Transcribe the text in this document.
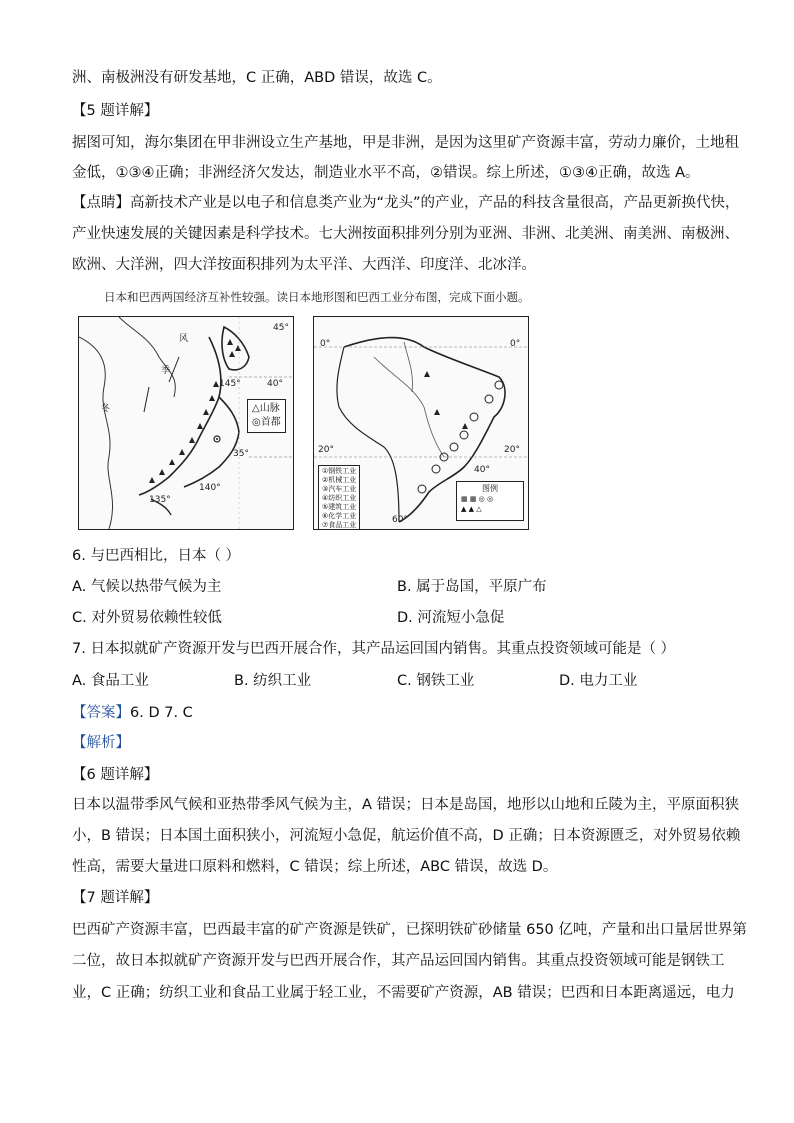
洲、南极洲没有研发基地，C 正确，ABD 错误，故选 C。
【5 题详解】
据图可知，海尔集团在甲非洲设立生产基地，甲是非洲，是因为这里矿产资源丰富，劳动力廉价，土地租
金低，①③④正确；非洲经济欠发达，制造业水平不高，②错误。综上所述，①③④正确，故选 A。
【点睛】高新技术产业是以电子和信息类产业为“龙头”的产业，产品的科技含量很高，产品更新换代快，
产业快速发展的关键因素是科学技术。七大洲按面积排列分别为亚洲、非洲、北美洲、南美洲、南极洲、
欧洲、大洋洲，四大洋按面积排列为太平洋、大西洋、印度洋、北冰洋。
日本和巴西两国经济互补性较强。读日本地形图和巴西工业分布图，完成下面小题。
风
季
冬
145°	40°
35°
140°
135°
45°
△山脉
◎首都
0°	0°
20°	20°
40°
60°
①钢铁工业
②机械工业
③汽车工业
④纺织工业
⑤建筑工业
⑥化学工业
⑦食品工业
图例
▦ ▦ ◎ ◎
▲ ▲ △
6. 与巴西相比，日本（ ）
A. 气候以热带气候为主	B. 属于岛国，平原广布
C. 对外贸易依赖性较低	D. 河流短小急促
7. 日本拟就矿产资源开发与巴西开展合作，其产品运回国内销售。其重点投资领域可能是（ ）
A. 食品工业	B. 纺织工业	C. 钢铁工业	D. 电力工业
【答案】6. D 7. C
【解析】
【6 题详解】
日本以温带季风气候和亚热带季风气候为主，A 错误；日本是岛国，地形以山地和丘陵为主，平原面积狭
小，B 错误；日本国土面积狭小，河流短小急促，航运价值不高，D 正确；日本资源匮乏，对外贸易依赖
性高，需要大量进口原料和燃料，C 错误；综上所述，ABC 错误，故选 D。
【7 题详解】
巴西矿产资源丰富，巴西最丰富的矿产资源是铁矿，已探明铁矿砂储量 650 亿吨，产量和出口量居世界第
二位，故日本拟就矿产资源开发与巴西开展合作，其产品运回国内销售。其重点投资领域可能是钢铁工
业，C 正确；纺织工业和食品工业属于轻工业，不需要矿产资源，AB 错误；巴西和日本距离遥远，电力
